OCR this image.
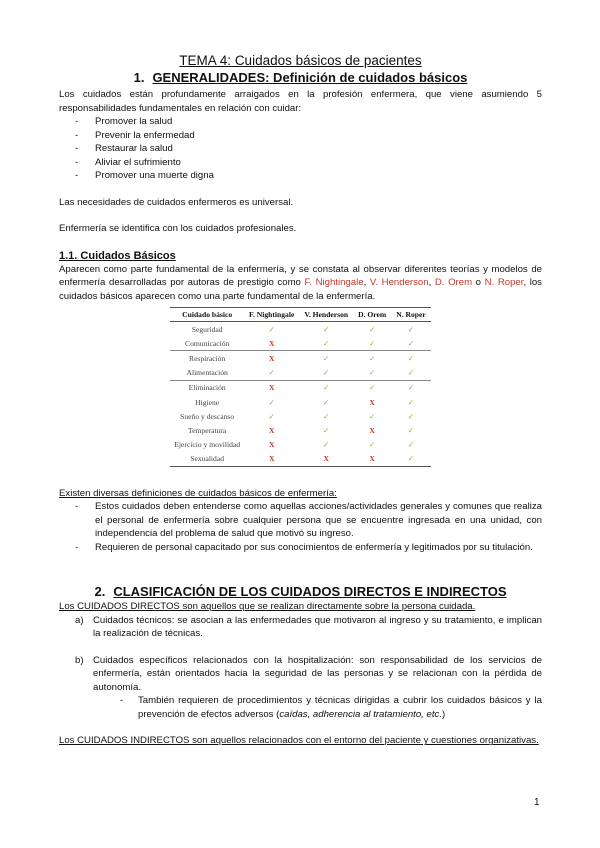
TEMA 4: Cuidados básicos de pacientes
1. GENERALIDADES: Definición de cuidados básicos

Los cuidados están profundamente arraigados en la profesión enfermera, que viene asumiendo 5 responsabilidades fundamentales en relación con cuidar:

- Promover la salud
- Prevenir la enfermedad
- Restaurar la salud
- Aliviar el sufrimiento
- Promover una muerte digna

Las necesidades de cuidados enfermeros es universal.

Enfermería se identifica con los cuidados profesionales.

1.1. Cuidados Básicos

Aparecen como parte fundamental de la enfermería, y se constata al observar diferentes teorías y modelos de enfermería desarrolladas por autoras de prestigio como F. Nightingale, V. Henderson, D. Orem o N. Roper, los cuidados básicos aparecen como una parte fundamental de la enfermería.

Cuidado básico	F. Nightingale	V. Henderson	D. Orem	N. Roper
Seguridad	✓	✓	✓	✓
Comunicación	X	✓	✓	✓
Respiración	X	✓	✓	✓
Alimentación	✓	✓	✓	✓
Eliminación	X	✓	✓	✓
Higiene	✓	✓	X	✓
Sueño y descanso	✓	✓	✓	✓
Temperatura	X	✓	X	✓
Ejercicio y movilidad	X	✓	✓	✓
Sexualidad	X	X	X	✓

Existen diversas definiciones de cuidados básicos de enfermería:

- Estos cuidados deben entenderse como aquellas acciones/actividades generales y comunes que realiza el personal de enfermería sobre cualquier persona que se encuentre ingresada en una unidad, con independencia del problema de salud que motivó su ingreso.
- Requieren de personal capacitado por sus conocimientos de enfermería y legitimados por su titulación.
2. CLASIFICACIÓN DE LOS CUIDADOS DIRECTOS E INDIRECTOS

Los CUIDADOS DIRECTOS son aquellos que se realizan directamente sobre la persona cuidada.

a) Cuidados técnicos: se asocian a las enfermedades que motivaron al ingreso y su tratamiento, e implican la realización de técnicas.
b) Cuidados específicos relacionados con la hospitalización: son responsabilidad de los servicios de enfermería, están orientados hacia la seguridad de las personas y se relacionan con la pérdida de autonomía.
- También requieren de procedimientos y técnicas dirigidas a cubrir los cuidados básicos y la prevención de efectos adversos (caídas, adherencia al tratamiento, etc.)

Los CUIDADOS INDIRECTOS son aquellos relacionados con el entorno del paciente y cuestiones organizativas.

1
